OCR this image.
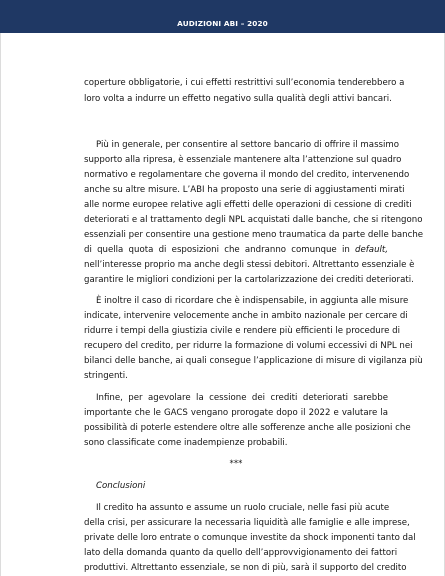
AUDIZIONI ABI – 2020
coperture obbligatorie, i cui effetti restrittivi sull’economia tenderebbero a
loro volta a indurre un effetto negativo sulla qualità degli attivi bancari.
Più in generale, per consentire al settore bancario di offrire il massimo
supporto alla ripresa, è essenziale mantenere alta l’attenzione sul quadro
normativo e regolamentare che governa il mondo del credito, intervenendo
anche su altre misure. L’ABI ha proposto una serie di aggiustamenti mirati
alle norme europee relative agli effetti delle operazioni di cessione di crediti
deteriorati e al trattamento degli NPL acquistati dalle banche, che si ritengono
essenziali per consentire una gestione meno traumatica da parte delle banche
di quella quota di esposizioni che andranno comunque in default,
nell’interesse proprio ma anche degli stessi debitori. Altrettanto essenziale è
garantire le migliori condizioni per la cartolarizzazione dei crediti deteriorati.
È inoltre il caso di ricordare che è indispensabile, in aggiunta alle misure
indicate, intervenire velocemente anche in ambito nazionale per cercare di
ridurre i tempi della giustizia civile e rendere più efficienti le procedure di
recupero del credito, per ridurre la formazione di volumi eccessivi di NPL nei
bilanci delle banche, ai quali consegue l’applicazione di misure di vigilanza più
stringenti.
Infine, per agevolare la cessione dei crediti deteriorati sarebbe
importante che le GACS vengano prorogate dopo il 2022 e valutare la
possibilità di poterle estendere oltre alle sofferenze anche alle posizioni che
sono classificate come inadempienze probabili.
***
Conclusioni
Il credito ha assunto e assume un ruolo cruciale, nelle fasi più acute
della crisi, per assicurare la necessaria liquidità alle famiglie e alle imprese,
private delle loro entrate o comunque investite da shock imponenti tanto dal
lato della domanda quanto da quello dell’approvvigionamento dei fattori
produttivi. Altrettanto essenziale, se non di più, sarà il supporto del credito
